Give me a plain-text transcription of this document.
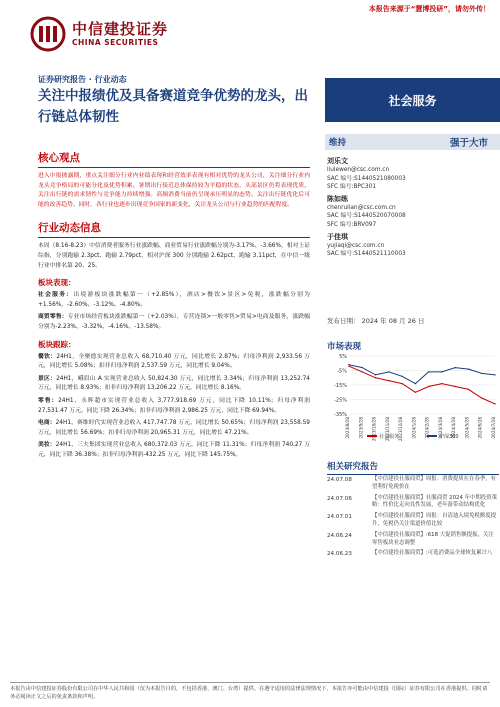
本报告来源于“慧博投研”，请勿外传！
中信建投证券
CHINA SECURITIES
证券研究报告 · 行业动态
关注中报绩优及具备赛道竞争优势的龙头，出行链总体韧性
社会服务
核心观点
进入中报披露期，重点关注细分行业内业绩表现和经营效率表现有相对优势的龙头公司，关注细分行业内龙头竞争格局的可能分化及优势积累。暑期出行接近总体保持较为平稳的状态，头部景区仍将表现优质，关注出行链的需求韧性与竞争能力持续增强。高频消费当前仍呈现承压明显的态势。关注出行链优化后可能的改善趋势。同时，各行业也逐步出现竞争国家的新变化，关注龙头公司与行业趋势的匹配程度。
行业动态信息
本周（8.16-8.23）中信消费者服务行业涨跌幅、商业贸易行业涨跌幅分别为-3.17%、-3.66%，相对上证综指，分别跑输 2.3pct、跑输 2.79pct，相对沪深 300 分别跑输 2.62pct、跑输 3.11pct，在中信一级行业中排名第 20、25。
板块表现：
社会服务：出境游板块涨跌幅第一（+2.85%），酒店>餐饮>景区>免税，涨跌幅分别为+1.56%、-2.60%、-3.12%、-4.80%。
商贸零售：专业市场经营板块涨跌幅第一（+2.03%），专营连锁>一般零售>贸易>电商及服务，涨跌幅分别为-2.23%、-3.32%、-4.16%、-13.58%。
板块跟踪：
餐饮：24H1，全聚德实现营业总收入 68,710.40 万元，同比增长 2.87%；归母净利润 2,933.56 万元，同比增长 5.08%；扣非归母净利润 2,537.59 万元，同比增长 9.04%。
景区：24H1，峨眉山 A 实现营业总收入 50,824.30 万元，同比增长 3.34%；归母净利润 13,252.74 万元，同比增长 8.93%；扣非归母净利润 13,206.22 万元，同比增长 8.16%。
零售：24H1，永辉超市实现营业总收入 3,777,918.69 万元，同比下降 10.11%；归母净利润 27,531.47 万元，同比下降 26.34%；扣非归母净利润 2,986.25 万元，同比下降 69.94%。
电商：24H1，赛维时代实现营业总收入 417,747.78 万元，同比增长 50.65%；归母净利润 23,558.59 万元，同比增长 56.69%；扣非归母净利润 20,965.31 万元，同比增长 47.21%。
美妆：24H1，三夫集团实现营业总收入 680,372.03 万元，同比下降 11.31%；归母净利润 740.27 万元，同比下降 36.38%；扣非归母净利润-432.25 万元，同比下降 145.75%。
维持	强于大市
刘乐文
liulewen@csc.com.cn
SAC 编号:S1440521080003
SFC 编号:BPC301
陈如练
chenrulian@csc.com.cn
SAC 编号:S1440520070008
SFC 编号:BRV097
于佳琪
yujiaqi@csc.com.cn
SAC 编号:S1440521110003
发布日期： 2024 年 08 月 26 日
市场表现
5%
-5%
-15%
-25%
-35%
2023/8/28 2023/9/28 2023/10/28 2023/11/28 2023/12/28 2024/1/28 2024/2/28 2024/3/28 2024/4/28 2024/5/28 2024/6/28 2024/7/28
社会服务	沪深300
相关研究报告
24.07.08	【中信建投社服商贸】周报：消费提质在在春季，有望利好免税价在
24.07.06	【中信建投社服商贸】社服商贸 2024 年中期投资策略：性价比走向良性发展，老年游带动结构优化
24.07.01	【中信建投社服商贸】周报：自清迪入境免税额度提升，免税仍关注渠道价值比较
24.06.24	【中信建投社服商贸】:618 大促销售额提振，关注零售板块业态调整
24.06.23	【中信建投社服商贸】:可选消费品全球恢复累计八
本报告由中信建投证券股份有限公司在中华人民共和国（仅为本报告目的，不包括香港、澳门、台湾）提供。在遵守适用的法律法规情况下，本报告亦可能由中信建投（国际）证券有限公司在香港提供。同时请务必阅读正文之后的免责条款和声明。
